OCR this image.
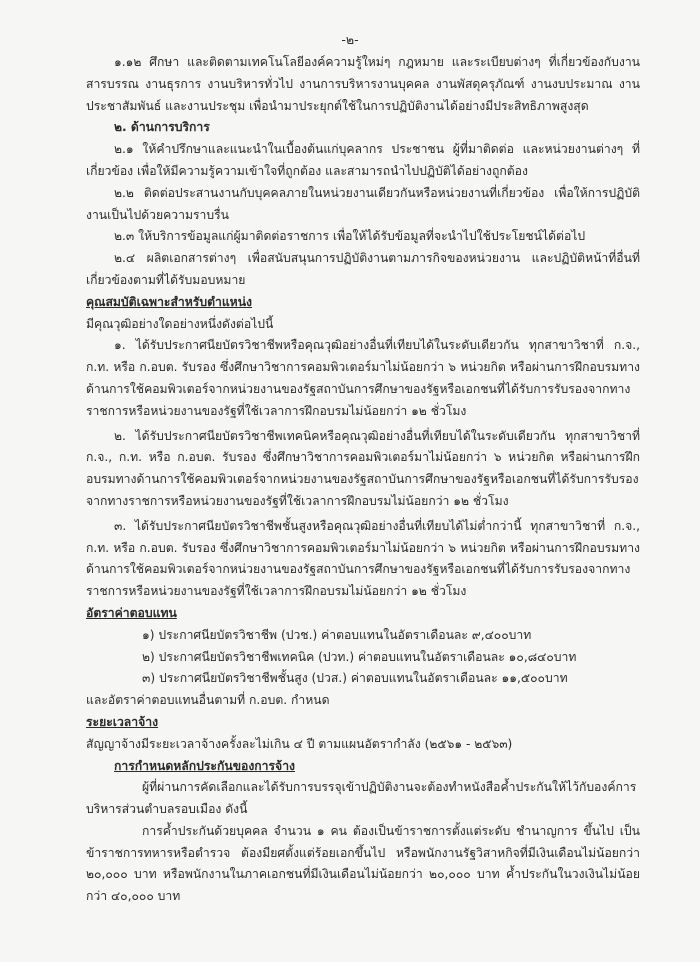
-๒-

๑.๑๒ ศึกษา และติดตามเทคโนโลยีองค์ความรู้ใหม่ๆ กฎหมาย และระเบียบต่างๆ ที่เกี่ยวข้องกับงานสารบรรณ งานธุรการ งานบริหารทั่วไป งานการบริหารงานบุคคล งานพัสดุครุภัณฑ์ งานงบประมาณ งานประชาสัมพันธ์ และงานประชุม เพื่อนำมาประยุกต์ใช้ในการปฏิบัติงานได้อย่างมีประสิทธิภาพสูงสุด

๒. ด้านการบริการ

๒.๑ ให้คำปรึกษาและแนะนำในเบื้องต้นแก่บุคลากร ประชาชน ผู้ที่มาติดต่อ และหน่วยงานต่างๆ ที่เกี่ยวข้อง เพื่อให้มีความรู้ความเข้าใจที่ถูกต้อง และสามารถนำไปปฏิบัติได้อย่างถูกต้อง

๒.๒ ติดต่อประสานงานกับบุคคลภายในหน่วยงานเดียวกันหรือหน่วยงานที่เกี่ยวข้อง เพื่อให้การปฏิบัติงานเป็นไปด้วยความราบรื่น

๒.๓ ให้บริการข้อมูลแก่ผู้มาติดต่อราชการ เพื่อให้ได้รับข้อมูลที่จะนำไปใช้ประโยชน์ได้ต่อไป

๒.๔ ผลิตเอกสารต่างๆ เพื่อสนับสนุนการปฏิบัติงานตามภารกิจของหน่วยงาน และปฏิบัติหน้าที่อื่นที่เกี่ยวข้องตามที่ได้รับมอบหมาย

คุณสมบัติเฉพาะสำหรับตำแหน่ง

มีคุณวุฒิอย่างใดอย่างหนึ่งดังต่อไปนี้

๑. ได้รับประกาศนียบัตรวิชาชีพหรือคุณวุฒิอย่างอื่นที่เทียบได้ในระดับเดียวกัน ทุกสาขาวิชาที่ ก.จ., ก.ท. หรือ ก.อบต. รับรอง ซึ่งศึกษาวิชาการคอมพิวเตอร์มาไม่น้อยกว่า ๖ หน่วยกิต หรือผ่านการฝึกอบรมทางด้านการใช้คอมพิวเตอร์จากหน่วยงานของรัฐสถาบันการศึกษาของรัฐหรือเอกชนที่ได้รับการรับรองจากทางราชการหรือหน่วยงานของรัฐที่ใช้เวลาการฝึกอบรมไม่น้อยกว่า ๑๒ ชั่วโมง

๒. ได้รับประกาศนียบัตรวิชาชีพเทคนิคหรือคุณวุฒิอย่างอื่นที่เทียบได้ในระดับเดียวกัน ทุกสาขาวิชาที่ ก.จ., ก.ท. หรือ ก.อบต. รับรอง ซึ่งศึกษาวิชาการคอมพิวเตอร์มาไม่น้อยกว่า ๖ หน่วยกิต หรือผ่านการฝึกอบรมทางด้านการใช้คอมพิวเตอร์จากหน่วยงานของรัฐสถาบันการศึกษาของรัฐหรือเอกชนที่ได้รับการรับรองจากทางราชการหรือหน่วยงานของรัฐที่ใช้เวลาการฝึกอบรมไม่น้อยกว่า ๑๒ ชั่วโมง

๓. ได้รับประกาศนียบัตรวิชาชีพชั้นสูงหรือคุณวุฒิอย่างอื่นที่เทียบได้ไม่ต่ำกว่านี้ ทุกสาขาวิชาที่ ก.จ., ก.ท. หรือ ก.อบต. รับรอง ซึ่งศึกษาวิชาการคอมพิวเตอร์มาไม่น้อยกว่า ๖ หน่วยกิต หรือผ่านการฝึกอบรมทางด้านการใช้คอมพิวเตอร์จากหน่วยงานของรัฐสถาบันการศึกษาของรัฐหรือเอกชนที่ได้รับการรับรองจากทางราชการหรือหน่วยงานของรัฐที่ใช้เวลาการฝึกอบรมไม่น้อยกว่า ๑๒ ชั่วโมง

อัตราค่าตอบแทน

๑) ประกาศนียบัตรวิชาชีพ (ปวช.) ค่าตอบแทนในอัตราเดือนละ ๙,๔๐๐บาท

๒) ประกาศนียบัตรวิชาชีพเทคนิค (ปวท.) ค่าตอบแทนในอัตราเดือนละ ๑๐,๘๔๐บาท

๓) ประกาศนียบัตรวิชาชีพชั้นสูง (ปวส.) ค่าตอบแทนในอัตราเดือนละ ๑๑,๕๐๐บาท

และอัตราค่าตอบแทนอื่นตามที่ ก.อบต. กำหนด

ระยะเวลาจ้าง

สัญญาจ้างมีระยะเวลาจ้างครั้งละไม่เกิน ๔ ปี ตามแผนอัตรากำลัง (๒๕๖๑ - ๒๕๖๓)

การกำหนดหลักประกันของการจ้าง

ผู้ที่ผ่านการคัดเลือกและได้รับการบรรจุเข้าปฏิบัติงานจะต้องทำหนังสือค้ำประกันให้ไว้กับองค์การบริหารส่วนตำบลรอบเมือง ดังนี้

การค้ำประกันด้วยบุคคล จำนวน ๑ คน ต้องเป็นข้าราชการตั้งแต่ระดับ ชำนาญการ ขึ้นไป เป็นข้าราชการทหารหรือตำรวจ ต้องมียศตั้งแต่ร้อยเอกขึ้นไป หรือพนักงานรัฐวิสาหกิจที่มีเงินเดือนไม่น้อยกว่า ๒๐,๐๐๐ บาท หรือพนักงานในภาคเอกชนที่มีเงินเดือนไม่น้อยกว่า ๒๐,๐๐๐ บาท ค้ำประกันในวงเงินไม่น้อยกว่า ๔๐,๐๐๐ บาท
